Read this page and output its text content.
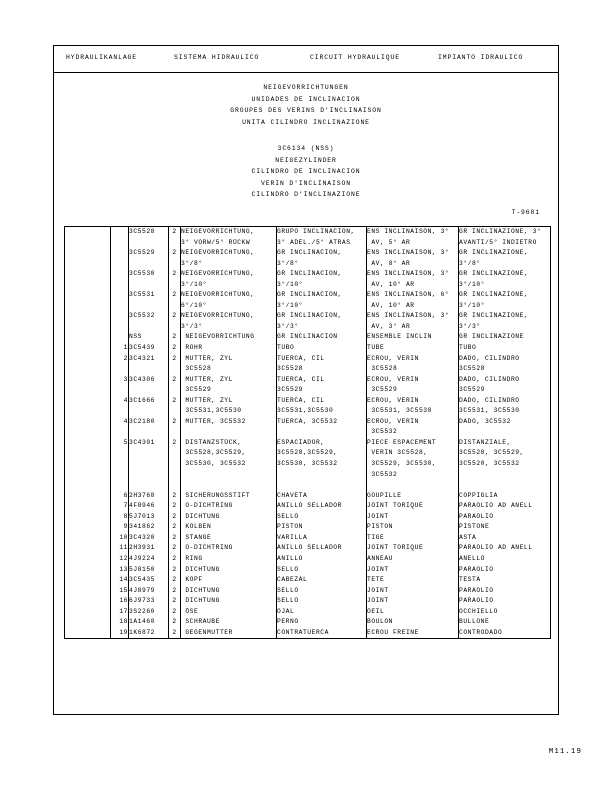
HYDRAULIKANLAGE	SISTEMA HIDRAULICO	CIRCUIT HYDRAULIQUE	IMPIANTO IDRAULICO
NEIGEVORRICHTUNGEN
UNIDADES DE INCLINACION
GROUPES DES VERINS D'INCLINAISON
UNITA CILINDRO INCLINAZIONE
3C6134 (NSS)
NEIGEZYLINDER
CILINDRO DE INCLINACION
VERIN D'INCLINAISON
CILINDRO D'INCLINAZIONE
T-9681
		3C5528	2	NEIGEVORRICHTUNG,	GRUPO INCLINACION,	ENS INCLINAISON, 3°	GR INCLINAZIONE, 3°
				3° VORW/5° RÜCKW	3° ADEL./5° ATRAS	AV, 5° AR	AVANTI/5° INDIETRO
		3C5529	2	NEIGEVORRICHTUNG,	GR INCLINACION,	ENS INCLINAISON, 3°	GR INCLINAZIONE,
				3°/8°	3°/8°	AV, 8° AR	3°/8°
		3C5530	2	NEIGEVORRICHTUNG,	GR INCLINACION,	ENS INCLINAISON, 3°	GR INCLINAZIONE,
				3°/10°	3°/10°	AV, 10° AR	3°/10°
		3C5531	2	NEIGEVORRICHTUNG,	GR INCLINACION,	ENS INCLINAISON, 6°	GR INCLINAZIONE,
				6°/10°	3°/10°	AV, 10° AR	3°/10°
		3C5532	2	NEIGEVORRICHTUNG,	GR INCLINACION,	ENS INCLINAISON, 3°	GR INCLINAZIONE,
				3°/3°	3°/3°	AV, 3° AR	3°/3°
		NSS	2	NEIGEVORRICHTUNG	GR INCLINACION	ENSEMBLE INCLIN	GR INCLINAZIONE
	1	3C5439	2	ROHR	TUBO	TUBE	TUBO
	2	3C4321	2	MUTTER, ZYL	TUERCA, CIL	ECROU, VERIN	DADO, CILINDRO
				3C5528	3C5528	3C5528	3C5528
	3	3C4306	2	MUTTER, ZYL	TUERCA, CIL	ECROU, VERIN	DADO, CILINDRO
				3C5529	3C5529	3C5529	3C5529
	4	3C1666	2	MUTTER, ZYL	TUERCA, CIL	ECROU, VERIN	DADO, CILINDRO
				3C5531,3C5530	3C5531,3C5530	3C5531, 3C5530	3C5531, 3C5530
	4	3C2180	2	MUTTER, 3C5532	TUERCA, 3C5532	ECROU, VERIN	DADO, 3C5532
						3C5532	
	5	3C4301	2	DISTANZSTÜCK,	ESPACIADOR,	PIECE ESPACEMENT	DISTANZIALE,
				3C5528,3C5529,	3C5528,3C5529,	VERIN 3C5528,	3C5528, 3C5529,
				3C5530, 3C5532	3C5530, 3C5532	3C5529, 3C5530,	3C5520, 3C5532
						3C5532	

	6	2H3768	2	SICHERUNGSSTIFT	CHAVETA	GOUPILLE	COPPIGLIA
	7	4F8946	2	O-DICHTRING	ANILLO SELLADOR	JOINT TORIQUE	PARAOLIO AD ANELL
	8	5J7013	2	DICHTUNG	SELLO	JOINT	PARAOLIO
	9	341862	2	KOLBEN	PISTON	PISTON	PISTONE
	10	3C4320	2	STANGE	VARILLA	TIGE	ASTA
	11	2H3931	2	O-DICHTRING	ANILLO SELLADOR	JOINT TORIQUE	PARAOLIO AD ANELL
	12	4J9224	2	RING	ANILLO	ANNEAU	ANELLO
	13	5J8150	2	DICHTUNG	SELLO	JOINT	PARAOLIO
	14	3C5435	2	KOPF	CABEZAL	TETE	TESTA
	15	4J8979	2	DICHTUNG	SELLO	JOINT	PARAOLIO
	16	6J9733	2	DICHTUNG	SELLO	JOINT	PARAOLIO
	17	3S2260	2	ÖSE	OJAL	OEIL	OCCHIELLO
	18	1A1460	2	SCHRAUBE	PERNO	BOULON	BULLONE
	19	1K6872	2	GEGENMUTTER	CONTRATUERCA	ECROU FREINE	CONTRODADO
M11.19
